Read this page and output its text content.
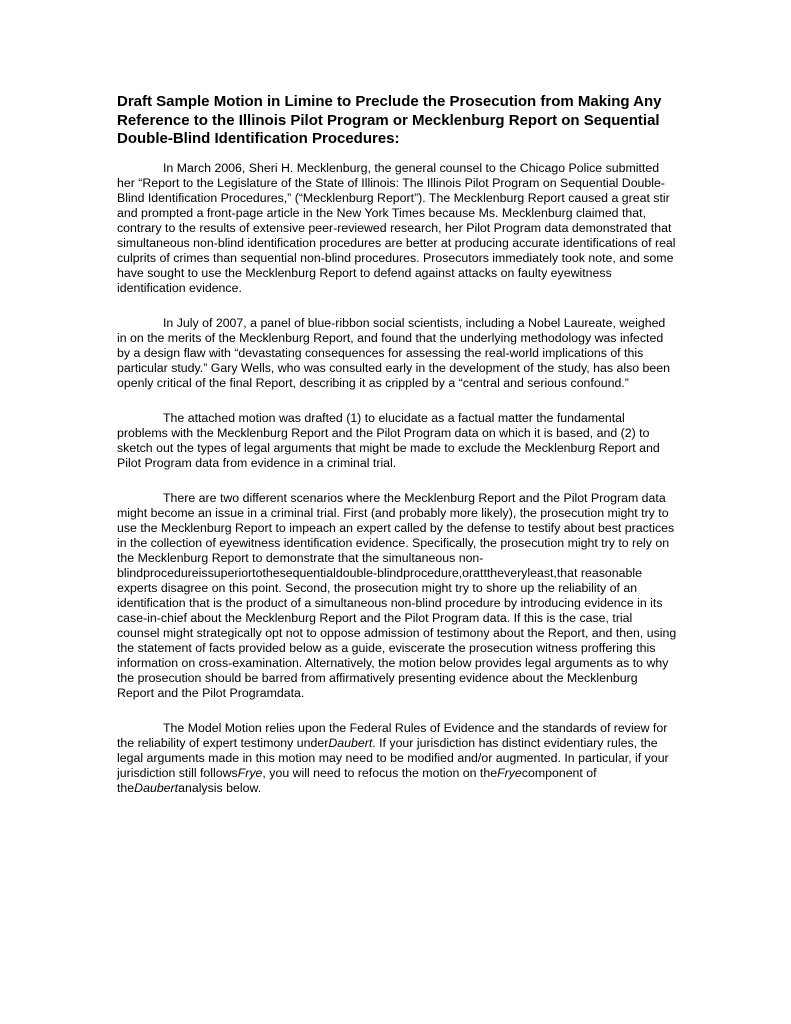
Draft Sample Motion in Limine to Preclude the Prosecution from Making Any Reference to the Illinois Pilot Program or Mecklenburg Report on Sequential Double-Blind Identification Procedures:

In March 2006, Sheri H. Mecklenburg, the general counsel to the Chicago Police submitted her “Report to the Legislature of the State of Illinois: The Illinois Pilot Program on Sequential Double-Blind Identification Procedures,” (“Mecklenburg Report”). The Mecklenburg Report caused a great stir and prompted a front-page article in the New York Times because Ms. Mecklenburg claimed that, contrary to the results of extensive peer-reviewed research, her Pilot Program data demonstrated that simultaneous non-blind identification procedures are better at producing accurate identifications of real culprits of crimes than sequential non-blind procedures. Prosecutors immediately took note, and some have sought to use the Mecklenburg Report to defend against attacks on faulty eyewitness identification evidence.

In July of 2007, a panel of blue-ribbon social scientists, including a Nobel Laureate, weighed in on the merits of the Mecklenburg Report, and found that the underlying methodology was infected by a design flaw with “devastating consequences for assessing the real-world implications of this particular study.” Gary Wells, who was consulted early in the development of the study, has also been openly critical of the final Report, describing it as crippled by a “central and serious confound.”

The attached motion was drafted (1) to elucidate as a factual matter the fundamental problems with the Mecklenburg Report and the Pilot Program data on which it is based, and (2) to sketch out the types of legal arguments that might be made to exclude the Mecklenburg Report and Pilot Program data from evidence in a criminal trial.

There are two different scenarios where the Mecklenburg Report and the Pilot Program data might become an issue in a criminal trial. First (and probably more likely), the prosecution might try to use the Mecklenburg Report to impeach an expert called by the defense to testify about best practices in the collection of eyewitness identification evidence. Specifically, the prosecution might try to rely on the Mecklenburg Report to demonstrate that the simultaneous non-blindprocedureissuperiortothesequentialdouble-blindprocedure,oratttheveryleast,that reasonable experts disagree on this point. Second, the prosecution might try to shore up the reliability of an identification that is the product of a simultaneous non-blind procedure by introducing evidence in its case-in-chief about the Mecklenburg Report and the Pilot Program data. If this is the case, trial counsel might strategically opt not to oppose admission of testimony about the Report, and then, using the statement of facts provided below as a guide, eviscerate the prosecution witness proffering this information on cross-examination. Alternatively, the motion below provides legal arguments as to why the prosecution should be barred from affirmatively presenting evidence about the Mecklenburg Report and the Pilot Programdata.

The Model Motion relies upon the Federal Rules of Evidence and the standards of review for the reliability of expert testimony underDaubert. If your jurisdiction has distinct evidentiary rules, the legal arguments made in this motion may need to be modified and/or augmented. In particular, if your jurisdiction still followsFrye, you will need to refocus the motion on theFryecomponent of theDaubertanalysis below.
